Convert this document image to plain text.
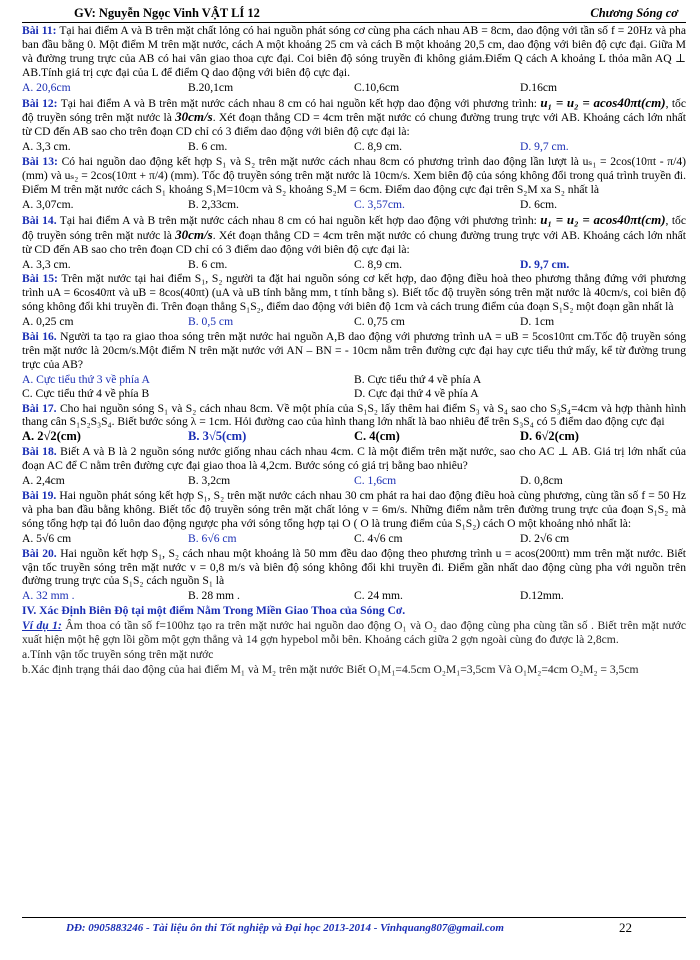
GV: Nguyễn Ngọc Vinh VẬT LÍ 12	Chương Sóng cơ

Bài 11: Tại hai điểm A và B trên mặt chất lỏng có hai nguồn phát sóng cơ cùng pha cách nhau AB = 8cm, dao động với tần số f = 20Hz và pha ban đầu bằng 0. Một điểm M trên mặt nước, cách A một khoảng 25 cm và cách B một khoảng 20,5 cm, dao động với biên độ cực đại. Giữa M và đường trung trực của AB có hai vân giao thoa cực đại. Coi biên độ sóng truyền đi không giảm.Điểm Q cách A khoảng L thỏa mãn AQ ⊥ AB.Tính giá trị cực đại của L để điểm Q dao động với biên độ cực đại.

A. 20,6cm	B.20,1cm	C.10,6cm	D.16cm

Bài 12: Tại hai điểm A và B trên mặt nước cách nhau 8 cm có hai nguồn kết hợp dao động với phương trình: u₁ = u₂ = acos40πt(cm), tốc độ truyền sóng trên mặt nước là 30cm/s. Xét đoạn thẳng CD = 4cm trên mặt nước có chung đường trung trực với AB. Khoảng cách lớn nhất từ CD đến AB sao cho trên đoạn CD chỉ có 3 điểm dao động với biên độ cực đại là:

A. 3,3 cm.	B. 6 cm.	C. 8,9 cm.	D. 9,7 cm.

Bài 13: Có hai nguồn dao động kết hợp S₁ và S₂ trên mặt nước cách nhau 8cm có phương trình dao động lần lượt là uₛ₁ = 2cos(10πt - π/4) (mm) và uₛ₂ = 2cos(10πt + π/4) (mm). Tốc độ truyền sóng trên mặt nước là 10cm/s. Xem biên độ của sóng không đổi trong quá trình truyền đi. Điểm M trên mặt nước cách S₁ khoảng S₁M=10cm và S₂ khoảng S₂M = 6cm. Điểm dao động cực đại trên S₂M xa S₂ nhất là

A. 3,07cm.	B. 2,33cm.	C. 3,57cm.	D. 6cm.

Bài 14. Tại hai điểm A và B trên mặt nước cách nhau 8 cm có hai nguồn kết hợp dao động với phương trình: u₁ = u₂ = acos40πt(cm), tốc độ truyền sóng trên mặt nước là 30cm/s. Xét đoạn thẳng CD = 4cm trên mặt nước có chung đường trung trực với AB. Khoảng cách lớn nhất từ CD đến AB sao cho trên đoạn CD chỉ có 3 điểm dao động với biên độ cực đại là:

A. 3,3 cm.	B. 6 cm.	C. 8,9 cm.	D. 9,7 cm.

Bài 15: Trên mặt nước tại hai điểm S₁, S₂ người ta đặt hai nguồn sóng cơ kết hợp, dao động điều hoà theo phương thẳng đứng với phương trình uA = 6cos40πt và uB = 8cos(40πt) (uA và uB tính bằng mm, t tính bằng s). Biết tốc độ truyền sóng trên mặt nước là 40cm/s, coi biên độ sóng không đổi khi truyền đi. Trên đoạn thẳng S₁S₂, điểm dao động với biên độ 1cm và cách trung điểm của đoạn S₁S₂ một đoạn gần nhất là

A. 0,25 cm	B. 0,5 cm	C. 0,75 cm	D. 1cm

Bài 16. Người ta tạo ra giao thoa sóng trên mặt nước hai nguồn A,B dao động với phương trình uA = uB = 5cos10πt cm.Tốc độ truyền sóng trên mặt nước là 20cm/s.Một điểm N trên mặt nước với AN – BN = - 10cm nằm trên đường cực đại hay cực tiểu thứ mấy, kể từ đường trung trực của AB?

A. Cực tiểu thứ 3 về phía A	B. Cực tiểu thứ 4 về phía A
C. Cực tiểu thứ 4 về phía B	D. Cực đại thứ 4 về phía A

Bài 17. Cho hai nguồn sóng S₁ và S₂ cách nhau 8cm. Về một phía của S₁S₂ lấy thêm hai điểm S₃ và S₄ sao cho S₃S₄=4cm và hợp thành hình thang cân S₁S₂S₃S₄. Biết bước sóng λ = 1cm. Hỏi đường cao của hình thang lớn nhất là bao nhiêu để trên S₃S₄ có 5 điểm dao động cực đại

A. 2√2(cm)	B. 3√5(cm)	C. 4(cm)	D. 6√2(cm)

Bài 18. Biết A và B là 2 nguồn sóng nước giống nhau cách nhau 4cm. C là một điểm trên mặt nước, sao cho AC ⊥ AB. Giá trị lớn nhất của đoạn AC để C nằm trên đường cực đại giao thoa là 4,2cm. Bước sóng có giá trị bằng bao nhiêu?

A. 2,4cm	B. 3,2cm	C. 1,6cm	D. 0,8cm

Bài 19. Hai nguồn phát sóng kết hợp S₁, S₂ trên mặt nước cách nhau 30 cm phát ra hai dao động điều hoà cùng phương, cùng tần số f = 50 Hz và pha ban đầu bằng không. Biết tốc độ truyền sóng trên mặt chất lỏng v = 6m/s. Những điểm nằm trên đường trung trực của đoạn S₁S₂ mà sóng tổng hợp tại đó luôn dao động ngược pha với sóng tổng hợp tại O ( O là trung điểm của S₁S₂) cách O một khoảng nhỏ nhất là:

A. 5√6 cm	B. 6√6 cm	C. 4√6 cm	D. 2√6 cm

Bài 20. Hai nguồn kết hợp S₁, S₂ cách nhau một khoảng là 50 mm đều dao động theo phương trình u = acos(200πt) mm trên mặt nước. Biết vận tốc truyền sóng trên mặt nước v = 0,8 m/s và biên độ sóng không đổi khi truyền đi. Điểm gần nhất dao động cùng pha với nguồn trên đường trung trực của S₁S₂ cách nguồn S₁ là

A. 32 mm .	B. 28 mm .	C. 24 mm.	D.12mm.
IV. Xác Định Biên Độ tại một điểm Nằm Trong Miền Giao Thoa của Sóng Cơ.

Ví dụ 1: Âm thoa có tần số f=100hz tạo ra trên mặt nước hai nguồn dao động O₁ và O₂ dao động cùng pha cùng tần số . Biết trên mặt nước xuất hiện một hệ gợn lồi gồm một gợn thẳng và 14 gợn hypebol mỗi bên. Khoảng cách giữa 2 gợn ngoài cùng đo được là 2,8cm.

a.Tính vận tốc truyền sóng trên mặt nước

b.Xác định trạng thái dao động của hai điểm M₁ và M₂ trên mặt nước Biết O₁M₁=4.5cm O₂M₁=3,5cm Và O₁M₂=4cm O₂M₂ = 3,5cm

DĐ: 0905883246 - Tài liệu ôn thi Tốt nghiệp và Đại học 2013-2014 - Vinhquang807@gmail.com	22
